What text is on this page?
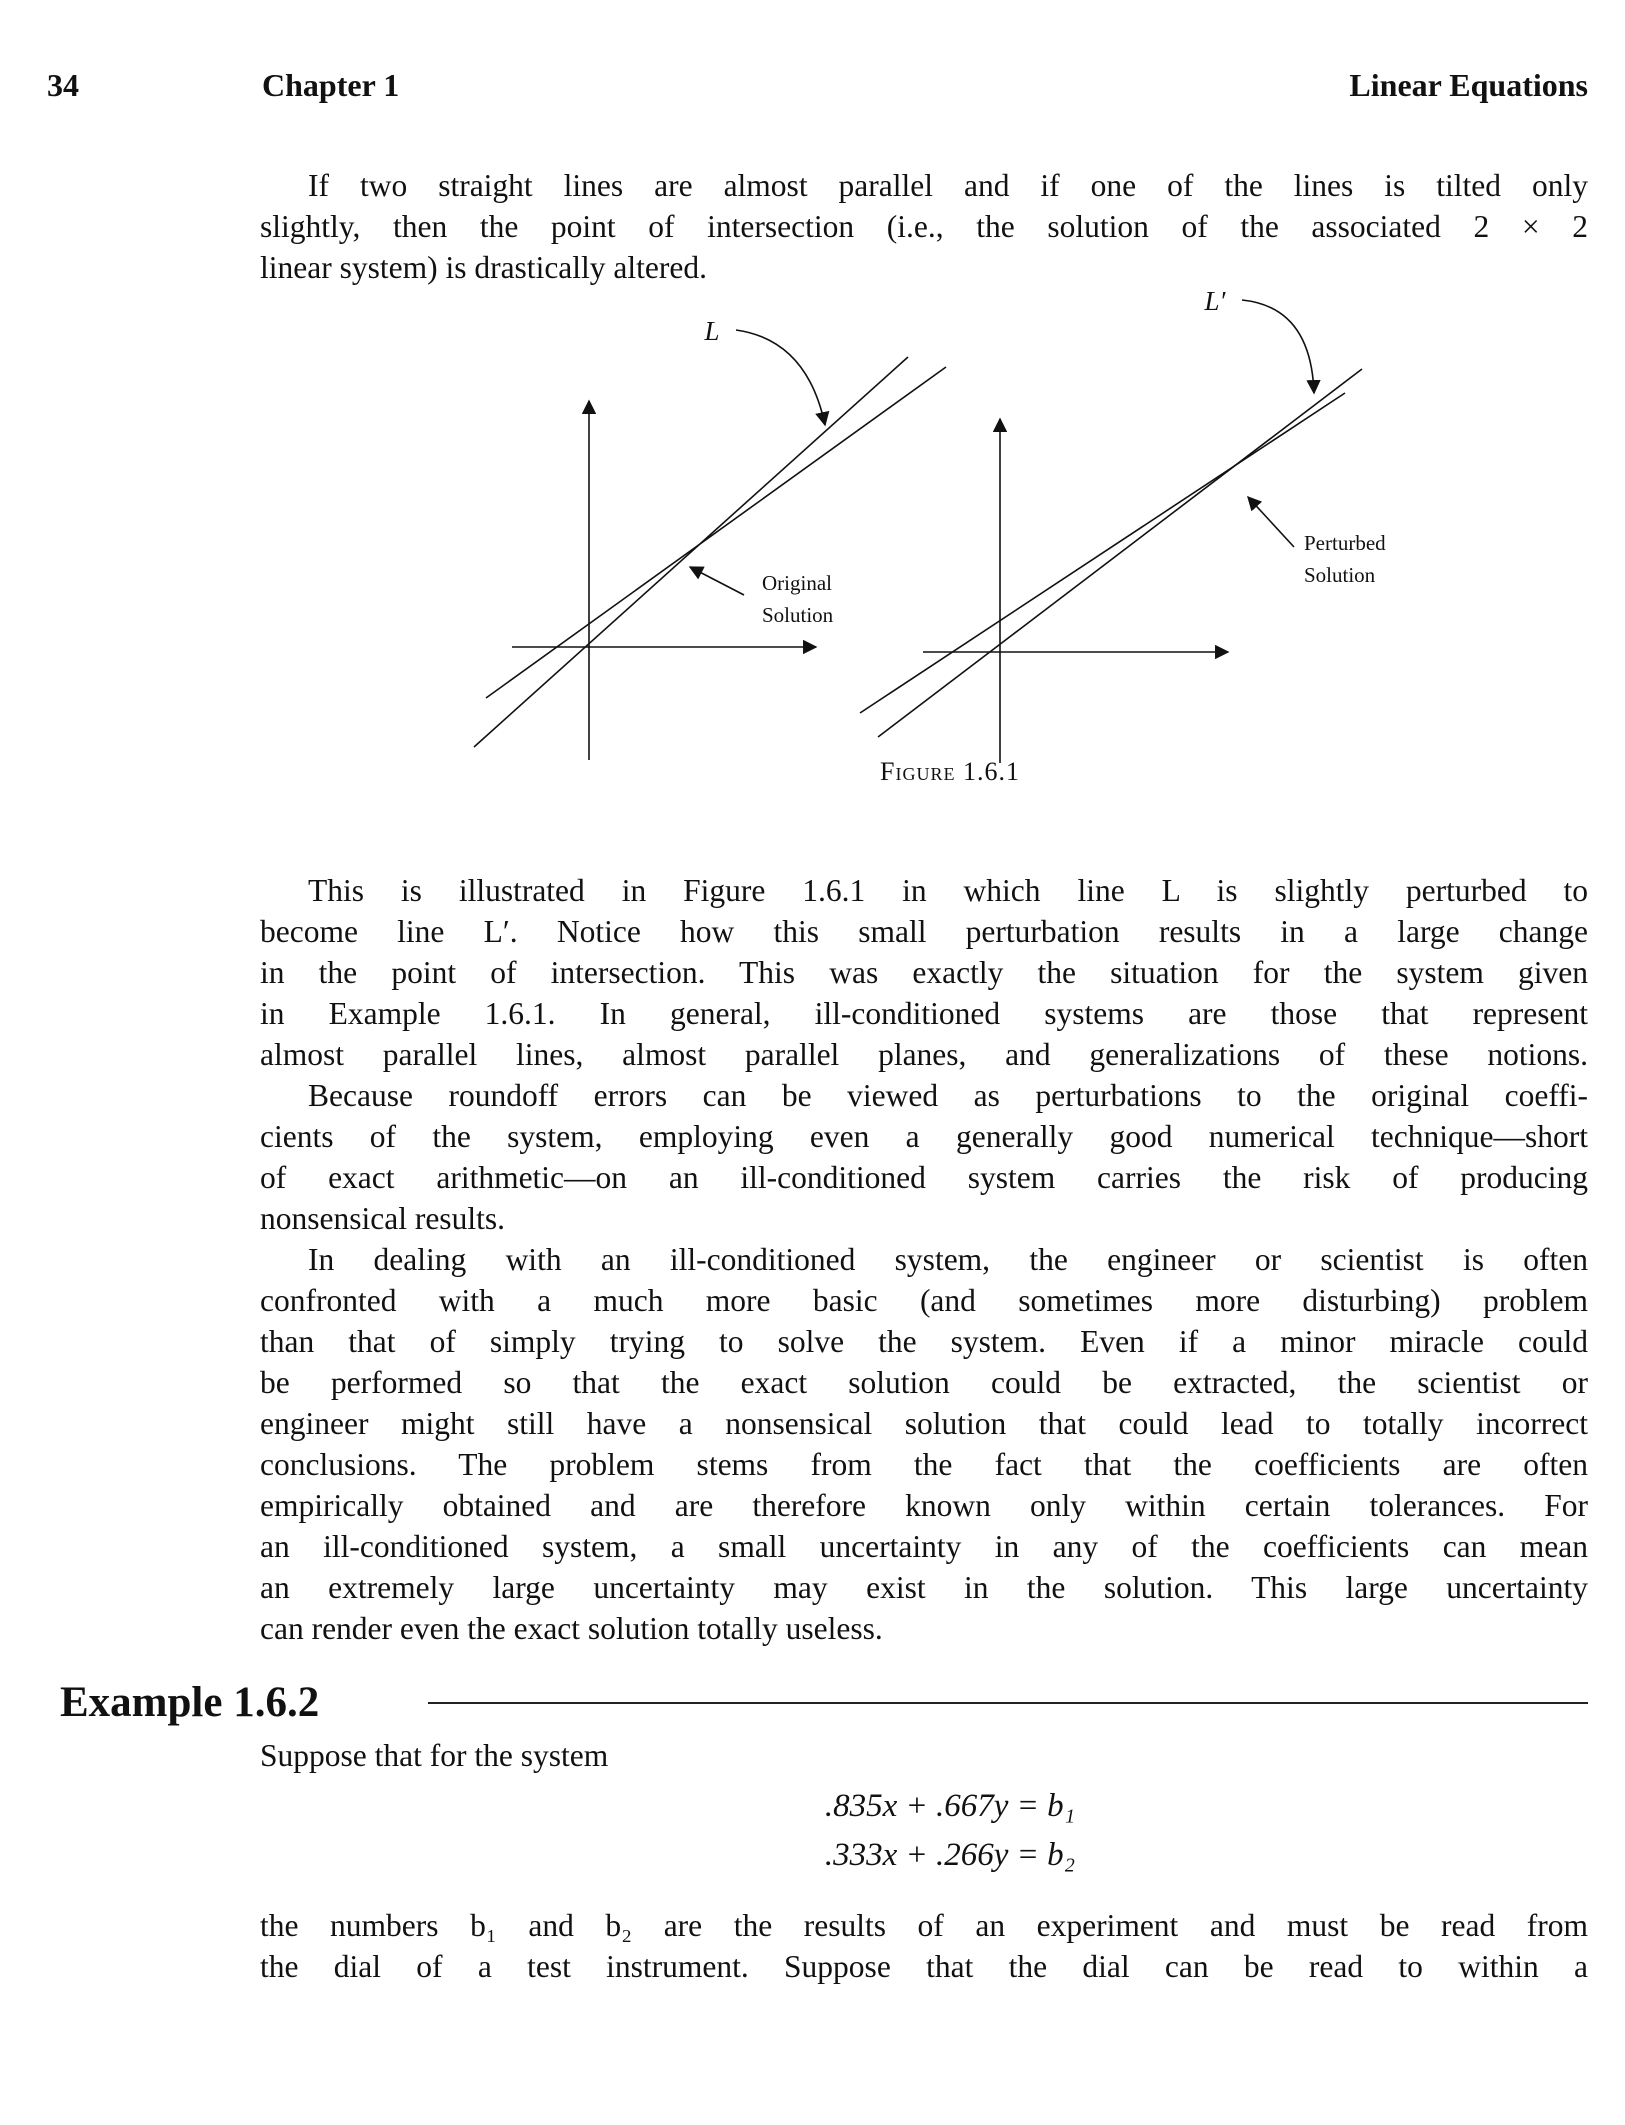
34	Chapter 1	Linear Equations
If two straight lines are almost parallel and if one of the lines is tilted only
slightly, then the point of intersection (i.e., the solution of the associated 2 × 2
linear system) is drastically altered.
L
Original
Solution
L′
Perturbed
Solution
Figure 1.6.1
This is illustrated in Figure 1.6.1 in which line L is slightly perturbed to
become line L′. Notice how this small perturbation results in a large change
in the point of intersection. This was exactly the situation for the system given
in Example 1.6.1. In general, ill-conditioned systems are those that represent
almost parallel lines, almost parallel planes, and generalizations of these notions.
Because roundoff errors can be viewed as perturbations to the original coeffi-
cients of the system, employing even a generally good numerical technique—short
of exact arithmetic—on an ill-conditioned system carries the risk of producing
nonsensical results.
In dealing with an ill-conditioned system, the engineer or scientist is often
confronted with a much more basic (and sometimes more disturbing) problem
than that of simply trying to solve the system. Even if a minor miracle could
be performed so that the exact solution could be extracted, the scientist or
engineer might still have a nonsensical solution that could lead to totally incorrect
conclusions. The problem stems from the fact that the coefficients are often
empirically obtained and are therefore known only within certain tolerances. For
an ill-conditioned system, a small uncertainty in any of the coefficients can mean
an extremely large uncertainty may exist in the solution. This large uncertainty
can render even the exact solution totally useless.
Example 1.6.2
Suppose that for the system
.835x + .667y = b₁
.333x + .266y = b₂
the numbers b₁ and b₂ are the results of an experiment and must be read from
the dial of a test instrument. Suppose that the dial can be read to within a
